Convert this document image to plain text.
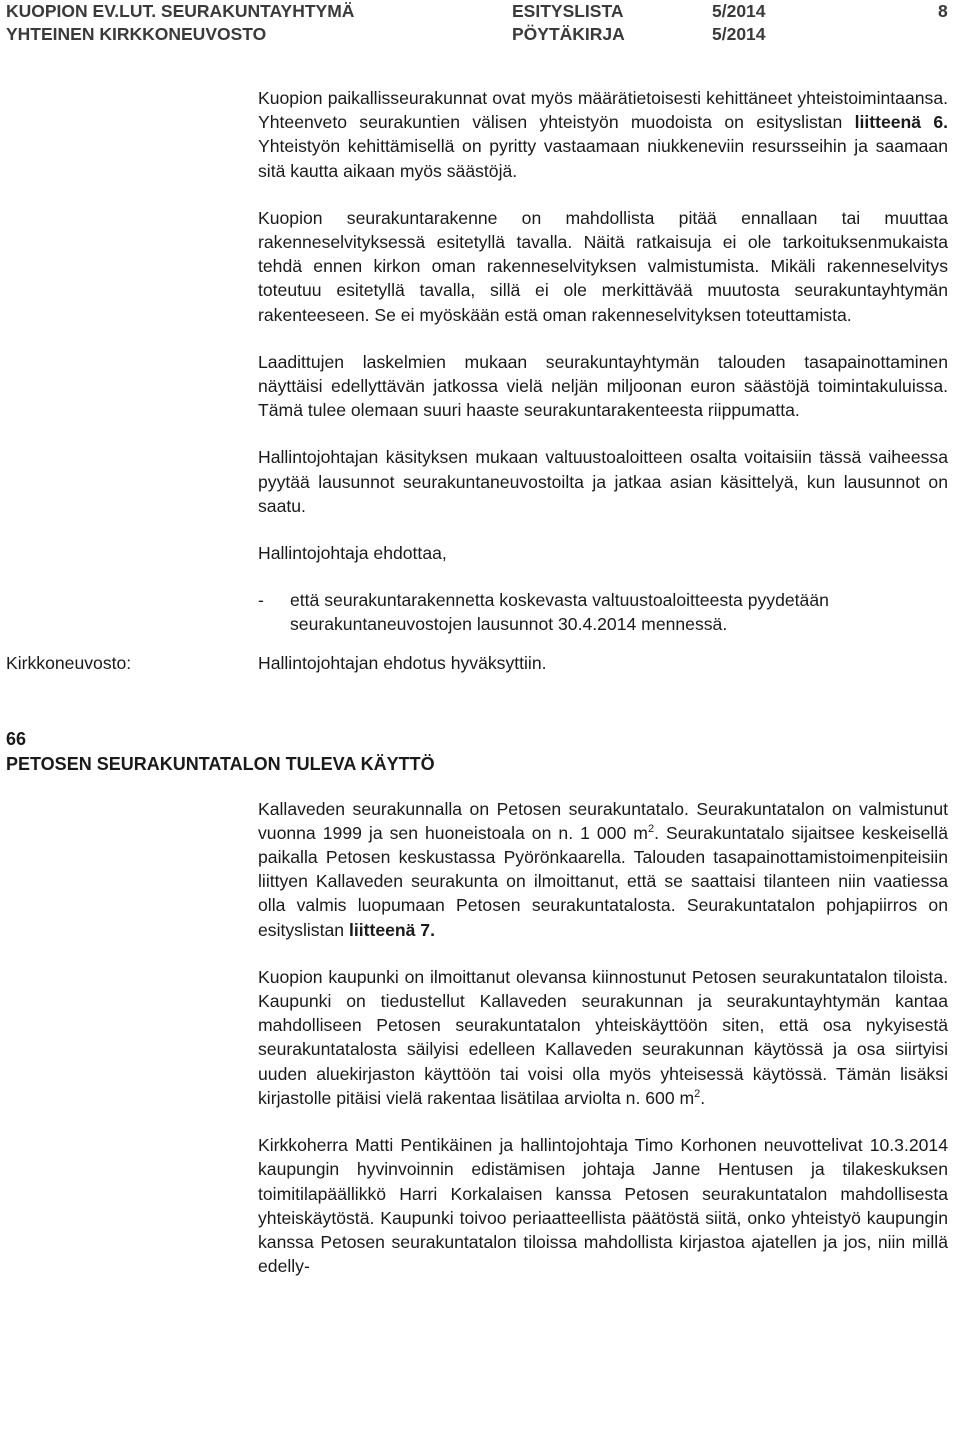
KUOPION EV.LUT. SEURAKUNTAYHTYMÄ	ESITYSLISTA	5/2014	8
YHTEINEN KIRKKONEUVOSTO	PÖYTÄKIRJA	5/2014

Kuopion paikallisseurakunnat ovat myös määrätietoisesti kehittäneet yhteistoimintaansa. Yhteenveto seurakuntien välisen yhteistyön muodoista on esityslistan liitteenä 6. Yhteistyön kehittämisellä on pyritty vastaamaan niukkeneviin resursseihin ja saamaan sitä kautta aikaan myös säästöjä.

Kuopion seurakuntarakenne on mahdollista pitää ennallaan tai muuttaa rakenneselvityksessä esitetyllä tavalla. Näitä ratkaisuja ei ole tarkoituksenmukaista tehdä ennen kirkon oman rakenneselvityksen valmistumista. Mikäli rakenneselvitys toteutuu esitetyllä tavalla, sillä ei ole merkittävää muutosta seurakuntayhtymän rakenteeseen. Se ei myöskään estä oman rakenneselvityksen toteuttamista.

Laadittujen laskelmien mukaan seurakuntayhtymän talouden tasapainottaminen näyttäisi edellyttävän jatkossa vielä neljän miljoonan euron säästöjä toimintakuluissa. Tämä tulee olemaan suuri haaste seurakuntarakenteesta riippumatta.

Hallintojohtajan käsityksen mukaan valtuustoaloitteen osalta voitaisiin tässä vaiheessa pyytää lausunnot seurakuntaneuvostoilta ja jatkaa asian käsittelyä, kun lausunnot on saatu.

Hallintojohtaja ehdottaa,

- että seurakuntarakennetta koskevasta valtuustoaloitteesta pyydetään seurakuntaneuvostojen lausunnot 30.4.2014 mennessä.
Kirkkoneuvosto:	Hallintojohtajan ehdotus hyväksyttiin.
66
PETOSEN SEURAKUNTATALON TULEVA KÄYTTÖ

Kallaveden seurakunnalla on Petosen seurakuntatalo. Seurakuntatalon on valmistunut vuonna 1999 ja sen huoneistoala on n. 1 000 $m^2$. Seurakuntatalo sijaitsee keskeisellä paikalla Petosen keskustassa Pyörönkaarella. Talouden tasapainottamistoimenpiteisiin liittyen Kallaveden seurakunta on ilmoittanut, että se saattaisi tilanteen niin vaatiessa olla valmis luopumaan Petosen seurakuntatalosta. Seurakuntatalon pohjapiirros on esityslistan liitteenä 7.

Kuopion kaupunki on ilmoittanut olevansa kiinnostunut Petosen seurakuntatalon tiloista. Kaupunki on tiedustellut Kallaveden seurakunnan ja seurakuntayhtymän kantaa mahdolliseen Petosen seurakuntatalon yhteiskäyttöön siten, että osa nykyisestä seurakuntatalosta säilyisi edelleen Kallaveden seurakunnan käytössä ja osa siirtyisi uuden aluekirjaston käyttöön tai voisi olla myös yhteisessä käytössä. Tämän lisäksi kirjastolle pitäisi vielä rakentaa lisätilaa arviolta n. 600 $m^2$.

Kirkkoherra Matti Pentikäinen ja hallintojohtaja Timo Korhonen neuvottelivat 10.3.2014 kaupungin hyvinvoinnin edistämisen johtaja Janne Hentusen ja tilakeskuksen toimitilapäällikkö Harri Korkalaisen kanssa Petosen seurakuntatalon mahdollisesta yhteiskäytöstä. Kaupunki toivoo periaatteellista päätöstä siitä, onko yhteistyö kaupungin kanssa Petosen seurakuntatalon tiloissa mahdollista kirjastoa ajatellen ja jos, niin millä edelly-
